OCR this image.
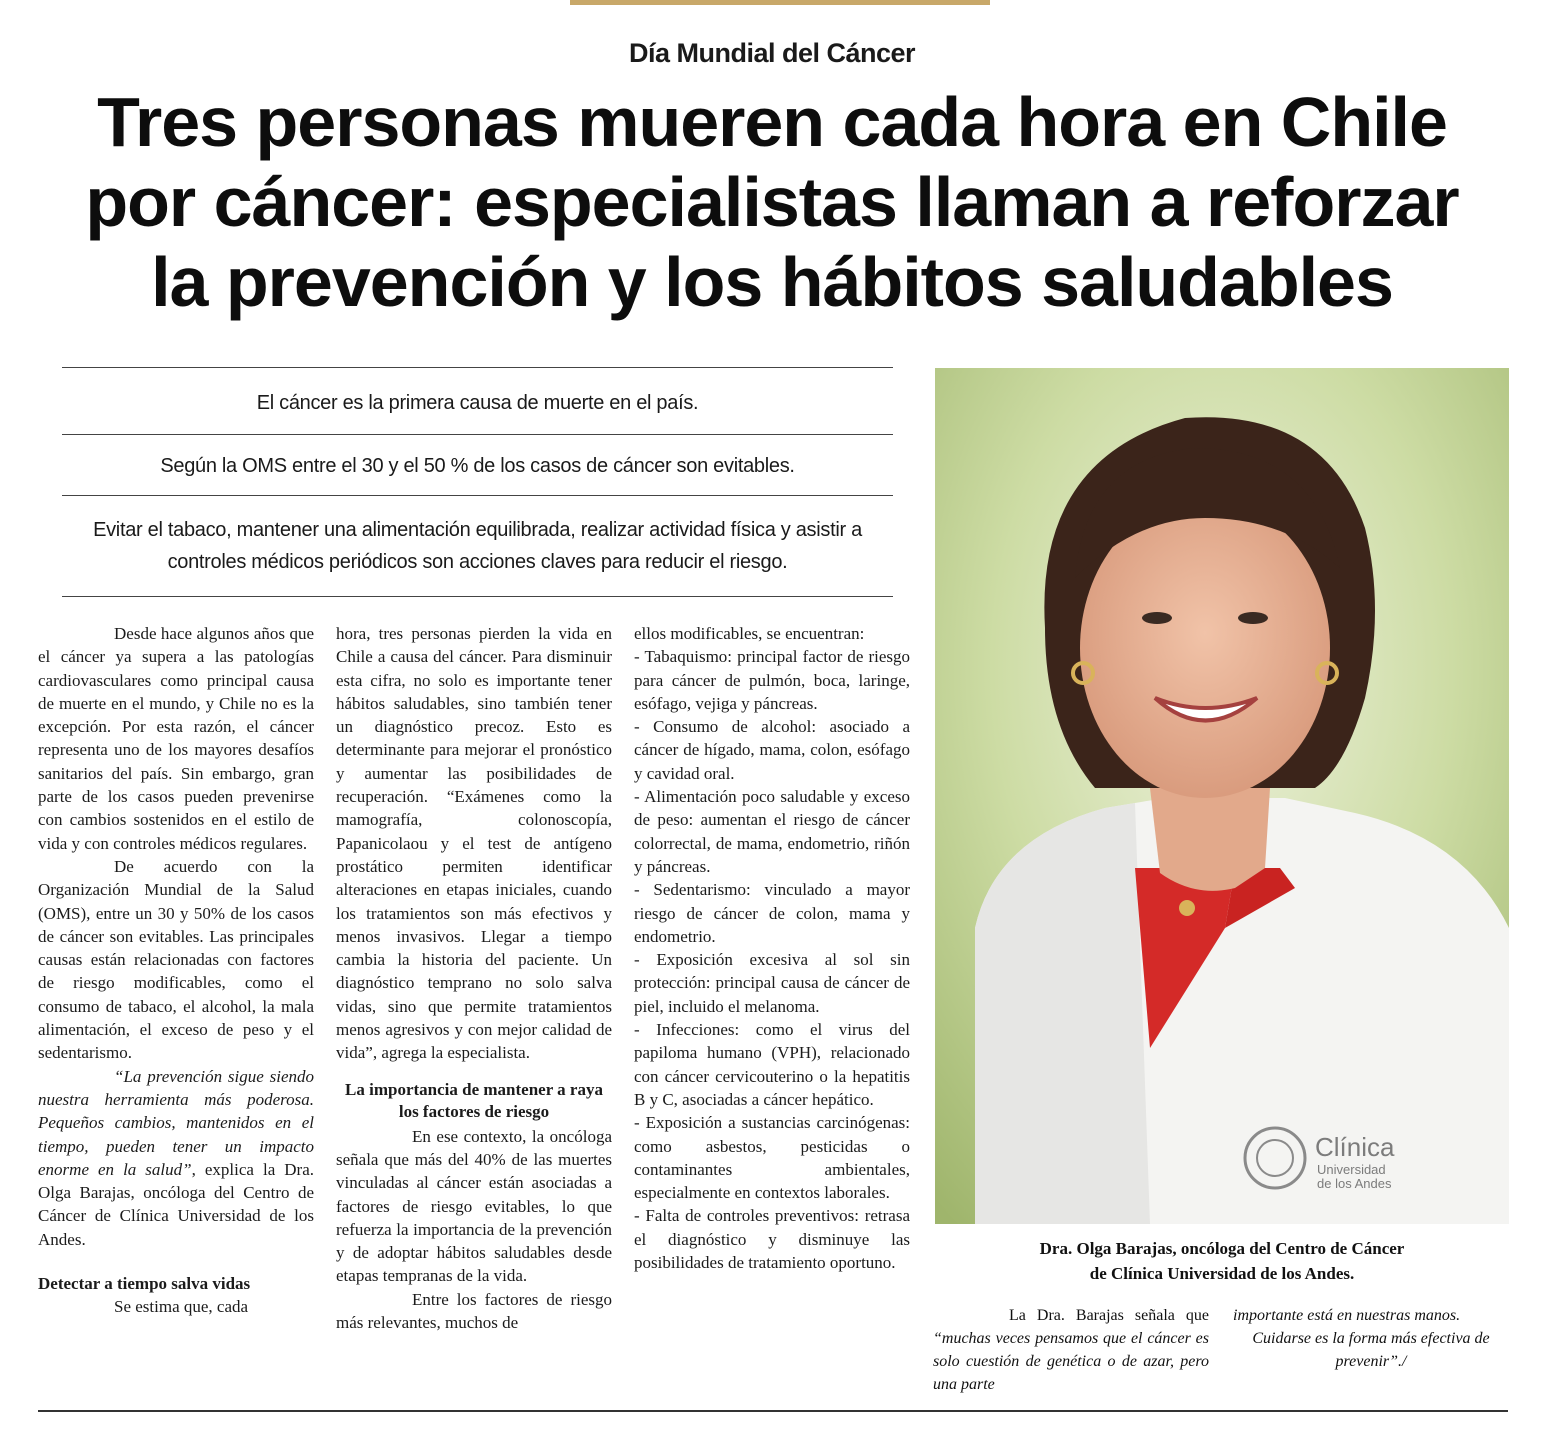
Día Mundial del Cáncer
Tres personas mueren cada hora en Chile
por cáncer: especialistas llaman a reforzar
la prevención y los hábitos saludables
El cáncer es la primera causa de muerte en el país.
Según la OMS entre el 30 y el 50 % de los casos de cáncer son evitables.
Evitar el tabaco, mantener una alimentación equilibrada, realizar actividad física y asistir a controles médicos periódicos son acciones claves para reducir el riesgo.

Desde hace algunos años que el cáncer ya supera a las patologías cardiovasculares como principal causa de muerte en el mundo, y Chile no es la excepción. Por esta razón, el cáncer representa uno de los mayores desafíos sanitarios del país. Sin embargo, gran parte de los casos pueden prevenirse con cambios sostenidos en el estilo de vida y con controles médicos regulares.

De acuerdo con la Organización Mundial de la Salud (OMS), entre un 30 y 50% de los casos de cáncer son evitables. Las principales causas están relacionadas con factores de riesgo modificables, como el consumo de tabaco, el alcohol, la mala alimentación, el exceso de peso y el sedentarismo.

“La prevención sigue siendo nuestra herramienta más poderosa. Pequeños cambios, mantenidos en el tiempo, pueden tener un impacto enorme en la salud”, explica la Dra. Olga Barajas, oncóloga del Centro de Cáncer de Clínica Universidad de los Andes.

Detectar a tiempo salva vidas

Se estima que, cada

hora, tres personas pierden la vida en Chile a causa del cáncer. Para disminuir esta cifra, no solo es importante tener hábitos saludables, sino también tener un diagnóstico precoz. Esto es determinante para mejorar el pronóstico y aumentar las posibilidades de recuperación. “Exámenes como la mamografía, colonoscopía, Papanicolaou y el test de antígeno prostático permiten identificar alteraciones en etapas iniciales, cuando los tratamientos son más efectivos y menos invasivos. Llegar a tiempo cambia la historia del paciente. Un diagnóstico temprano no solo salva vidas, sino que permite tratamientos menos agresivos y con mejor calidad de vida”, agrega la especialista.

La importancia de mantener a raya los factores de riesgo

En ese contexto, la oncóloga señala que más del 40% de las muertes vinculadas al cáncer están asociadas a factores de riesgo evitables, lo que refuerza la importancia de la prevención y de adoptar hábitos saludables desde etapas tempranas de la vida.

Entre los factores de riesgo más relevantes, muchos de

ellos modificables, se encuentran:

- Tabaquismo: principal factor de riesgo para cáncer de pulmón, boca, laringe, esófago, vejiga y páncreas.

- Consumo de alcohol: asociado a cáncer de hígado, mama, colon, esófago y cavidad oral.

- Alimentación poco saludable y exceso de peso: aumentan el riesgo de cáncer colorrectal, de mama, endometrio, riñón y páncreas.

- Sedentarismo: vinculado a mayor riesgo de cáncer de colon, mama y endometrio.

- Exposición excesiva al sol sin protección: principal causa de cáncer de piel, incluido el melanoma.

- Infecciones: como el virus del papiloma humano (VPH), relacionado con cáncer cervicouterino o la hepatitis B y C, asociadas a cáncer hepático.

- Exposición a sustancias carcinógenas: como asbestos, pesticidas o contaminantes ambientales, especialmente en contextos laborales.

- Falta de controles preventivos: retrasa el diagnóstico y disminuye las posibilidades de tratamiento oportuno.

Clínica
Universidad
de los Andes
Dra. Olga Barajas, oncóloga del Centro de Cáncer
de Clínica Universidad de los Andes.

La Dra. Barajas señala que “muchas veces pensamos que el cáncer es solo cuestión de genética o de azar, pero una parte

importante está en nuestras manos.

Cuidarse es la forma más efectiva de prevenir”./
